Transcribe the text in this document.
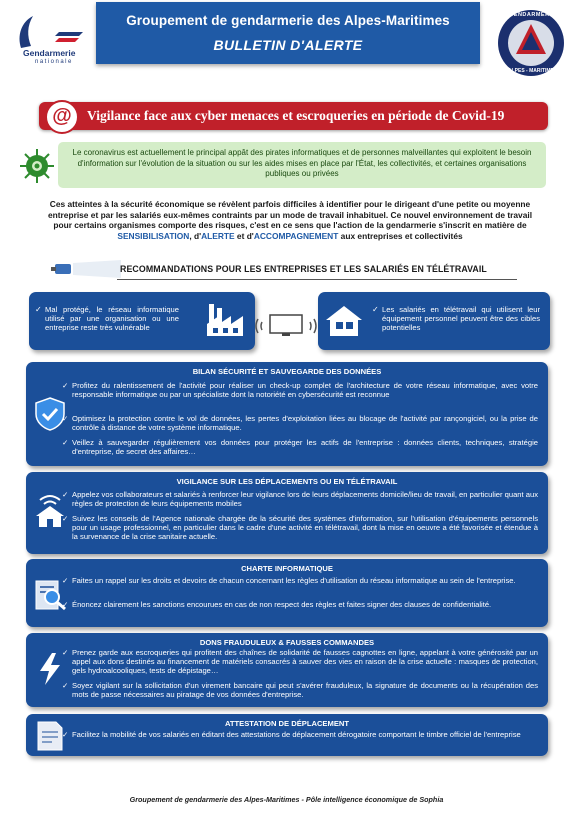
Gendarmerie
nationale
Groupement de gendarmerie des Alpes-Maritimes
BULLETIN D'ALERTE
GENDARMERIE
ALPES - MARITIMES
@	Vigilance face aux cyber menaces et escroqueries en période de Covid-19
Le coronavirus est actuellement le principal appât des pirates informatiques et de personnes malveillantes qui exploitent le besoin d'information sur l'évolution de la situation ou sur les aides mises en place par l'État, les collectivités, et certaines organisations publiques ou privées
Ces atteintes à la sécurité économique se révèlent parfois difficiles à identifier pour le dirigeant d'une petite ou moyenne entreprise et par les salariés eux-mêmes contraints par un mode de travail inhabituel. Ce nouvel environnement de travail pour certains organismes comporte des risques, c'est en ce sens que l'action de la gendarmerie s'inscrit en matière de SENSIBILISATION, d'ALERTE et d'ACCOMPAGNEMENT aux entreprises et collectivités
RECOMMANDATIONS POUR LES ENTREPRISES ET LES SALARIÉS EN TÉLÉTRAVAIL
✓ Mal protégé, le réseau informatique utilisé par une organisation ou une entreprise reste très vulnérable
✓ Les salariés en télétravail qui utilisent leur équipement personnel peuvent être des cibles potentielles
BILAN SÉCURITÉ ET SAUVEGARDE DES DONNÉES
✓ Profitez du ralentissement de l'activité pour réaliser un check-up complet de l'architecture de votre réseau informatique, avec votre responsable informatique ou par un spécialiste dont la notoriété en cybersécurité est reconnue
✓ Optimisez la protection contre le vol de données, les pertes d'exploitation liées au blocage de l'activité par rançongiciel, ou la prise de contrôle à distance de votre système informatique.
✓ Veillez à sauvegarder régulièrement vos données pour protéger les actifs de l'entreprise : données clients, techniques, stratégie d'entreprise, de secret des affaires…
VIGILANCE SUR LES DÉPLACEMENTS OU EN TÉLÉTRAVAIL
✓ Appelez vos collaborateurs et salariés à renforcer leur vigilance lors de leurs déplacements domicile/lieu de travail, en particulier quant aux règles de protection de leurs équipements mobiles
✓ Suivez les conseils de l'Agence nationale chargée de la sécurité des systèmes d'information, sur l'utilisation d'équipements personnels pour un usage professionnel, en particulier dans le cadre d'une activité en télétravail, dont la mise en oeuvre a été favorisée et étendue à la survenance de la crise sanitaire actuelle.
CHARTE INFORMATIQUE
✓ Faites un rappel sur les droits et devoirs de chacun concernant les règles d'utilisation du réseau informatique au sein de l'entreprise.
✓ Énoncez clairement les sanctions encourues en cas de non respect des règles et faites signer des clauses de confidentialité.
DONS FRAUDULEUX & FAUSSES COMMANDES
✓ Prenez garde aux escroqueries qui profitent des chaînes de solidarité de fausses cagnottes en ligne, appelant à votre générosité par un appel aux dons destinés au financement de matériels consacrés à sauver des vies en raison de la crise actuelle : masques de protection, gels hydroalcooliques, tests de dépistage…
✓ Soyez vigilant sur la sollicitation d'un virement bancaire qui peut s'avérer frauduleux, la signature de documents ou la récupération des mots de passe nécessaires au piratage de vos données d'entreprise.
ATTESTATION DE DÉPLACEMENT
✓ Facilitez la mobilité de vos salariés en éditant des attestations de déplacement dérogatoire comportant le timbre officiel de l'entreprise
Groupement de gendarmerie des Alpes-Maritimes - Pôle intelligence économique de Sophia
